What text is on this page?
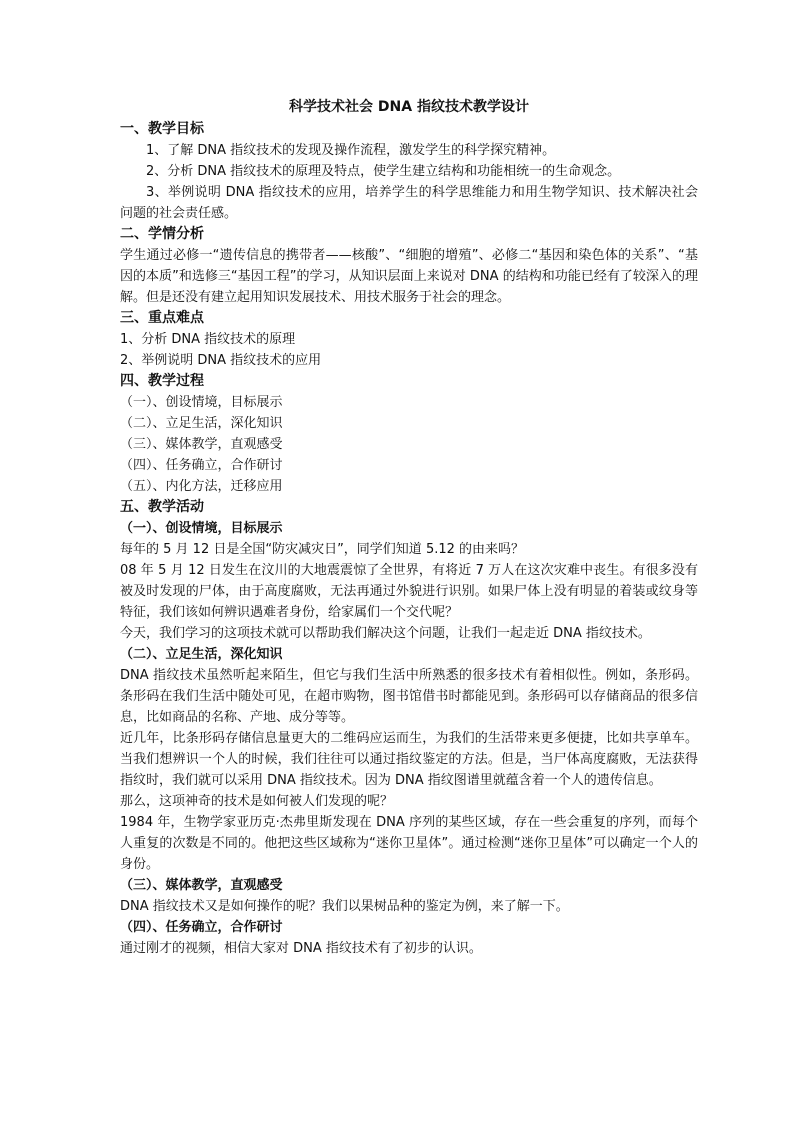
科学技术社会 DNA 指纹技术教学设计
一、教学目标
1、了解 DNA 指纹技术的发现及操作流程，激发学生的科学探究精神。
2、分析 DNA 指纹技术的原理及特点，使学生建立结构和功能相统一的生命观念。
3、举例说明 DNA 指纹技术的应用，培养学生的科学思维能力和用生物学知识、技术解决社会问题的社会责任感。
二、学情分析
学生通过必修一“遗传信息的携带者——核酸”、“细胞的增殖”、必修二“基因和染色体的关系”、“基因的本质”和选修三“基因工程”的学习，从知识层面上来说对 DNA 的结构和功能已经有了较深入的理解。但是还没有建立起用知识发展技术、用技术服务于社会的理念。
三、重点难点
1、分析 DNA 指纹技术的原理
2、举例说明 DNA 指纹技术的应用
四、教学过程
（一）、创设情境，目标展示
（二）、立足生活，深化知识
（三）、媒体教学，直观感受
（四）、任务确立，合作研讨
（五）、内化方法，迁移应用
五、教学活动
（一）、创设情境，目标展示
每年的 5 月 12 日是全国“防灾减灾日”，同学们知道 5.12 的由来吗？
08 年 5 月 12 日发生在汶川的大地震震惊了全世界，有将近 7 万人在这次灾难中丧生。有很多没有被及时发现的尸体，由于高度腐败，无法再通过外貌进行识别。如果尸体上没有明显的着装或纹身等特征，我们该如何辨识遇难者身份，给家属们一个交代呢？
今天，我们学习的这项技术就可以帮助我们解决这个问题，让我们一起走近 DNA 指纹技术。
（二）、立足生活，深化知识
DNA 指纹技术虽然听起来陌生，但它与我们生活中所熟悉的很多技术有着相似性。例如，条形码。条形码在我们生活中随处可见，在超市购物，图书馆借书时都能见到。条形码可以存储商品的很多信息，比如商品的名称、产地、成分等等。
近几年，比条形码存储信息量更大的二维码应运而生，为我们的生活带来更多便捷，比如共享单车。当我们想辨识一个人的时候，我们往往可以通过指纹鉴定的方法。但是，当尸体高度腐败，无法获得指纹时，我们就可以采用 DNA 指纹技术。因为 DNA 指纹图谱里就蕴含着一个人的遗传信息。
那么，这项神奇的技术是如何被人们发现的呢？
1984 年，生物学家亚历克·杰弗里斯发现在 DNA 序列的某些区域，存在一些会重复的序列，而每个人重复的次数是不同的。他把这些区域称为“迷你卫星体”。通过检测“迷你卫星体”可以确定一个人的身份。
（三）、媒体教学，直观感受
DNA 指纹技术又是如何操作的呢？我们以果树品种的鉴定为例，来了解一下。
（四）、任务确立，合作研讨
通过刚才的视频，相信大家对 DNA 指纹技术有了初步的认识。
